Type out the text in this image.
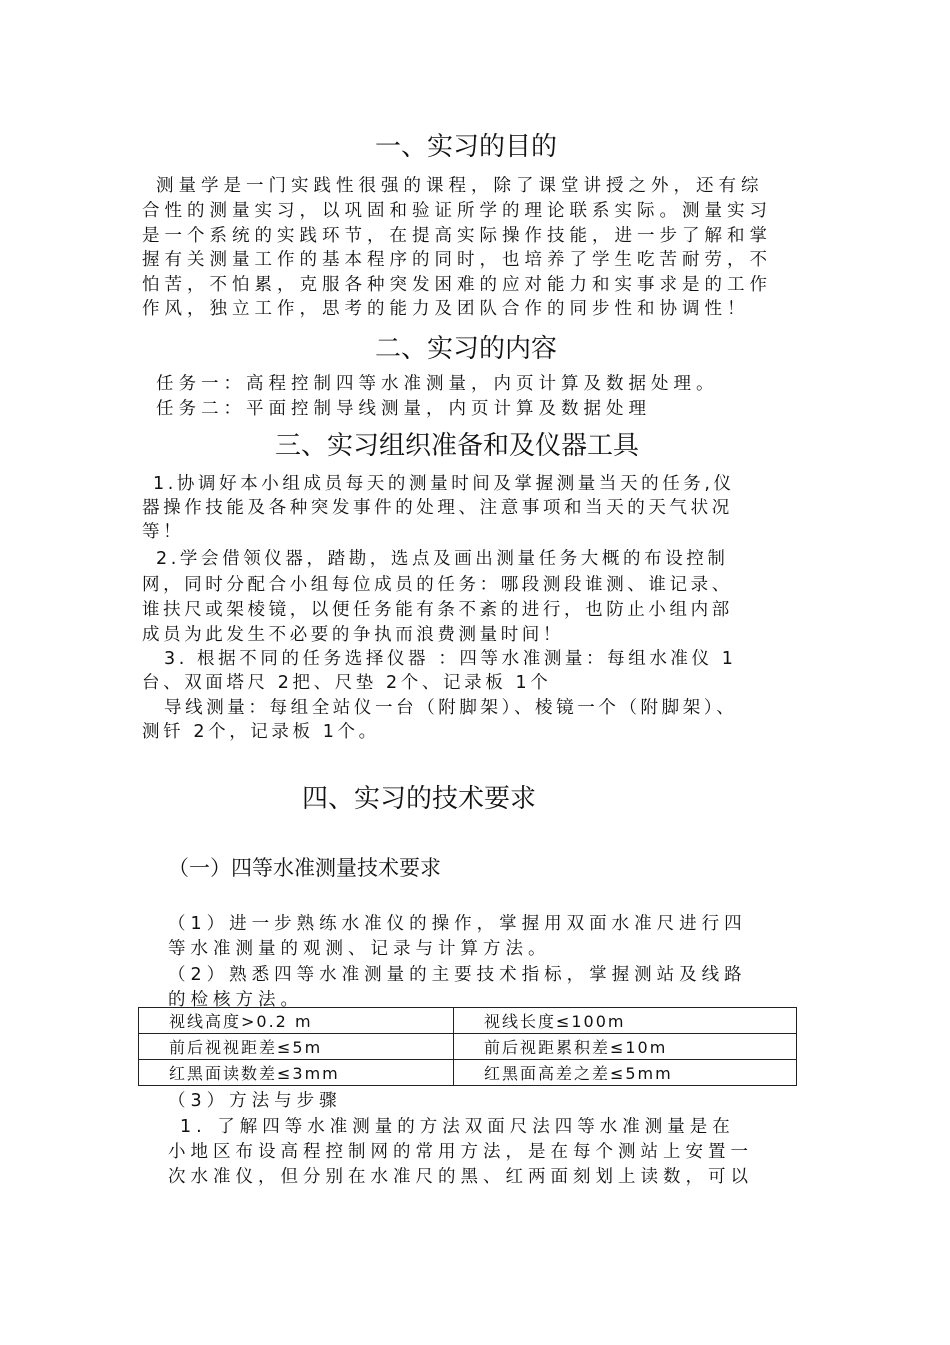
一、实习的目的
测量学是一门实践性很强的课程，除了课堂讲授之外，还有综
合性的测量实习，以巩固和验证所学的理论联系实际。测量实习
是一个系统的实践环节，在提高实际操作技能，进一步了解和掌
握有关测量工作的基本程序的同时，也培养了学生吃苦耐劳，不
怕苦，不怕累，克服各种突发困难的应对能力和实事求是的工作
作风，独立工作，思考的能力及团队合作的同步性和协调性！
二、实习的内容
任务一：高程控制四等水准测量，内页计算及数据处理。
任务二：平面控制导线测量，内页计算及数据处理
三、实习组织准备和及仪器工具
1.协调好本小组成员每天的测量时间及掌握测量当天的任务,仪
器操作技能及各种突发事件的处理、注意事项和当天的天气状况
等！
2.学会借领仪器，踏勘，选点及画出测量任务大概的布设控制
网，同时分配合小组每位成员的任务：哪段测段谁测、谁记录、
谁扶尺或架棱镜，以便任务能有条不紊的进行，也防止小组内部
成员为此发生不必要的争执而浪费测量时间！
3. 根据不同的任务选择仪器 ：四等水准测量：每组水准仪 1
台、双面塔尺 2把、尺垫 2个、记录板 1个
导线测量：每组全站仪一台（附脚架）、棱镜一个（附脚架）、
测钎 2个，记录板 1个。
四、实习的技术要求
（一）四等水准测量技术要求
（1）进一步熟练水准仪的操作，掌握用双面水准尺进行四
等水准测量的观测、记录与计算方法。
（2）熟悉四等水准测量的主要技术指标，掌握测站及线路
的检核方法。
视线高度>0.2 m	视线长度≤100m
前后视视距差≤5m	前后视距累积差≤10m
红黑面读数差≤3mm	红黑面高差之差≤5mm
（3）方法与步骤
1. 了解四等水准测量的方法双面尺法四等水准测量是在
小地区布设高程控制网的常用方法，是在每个测站上安置一
次水准仪，但分别在水准尺的黑、红两面刻划上读数，可以
